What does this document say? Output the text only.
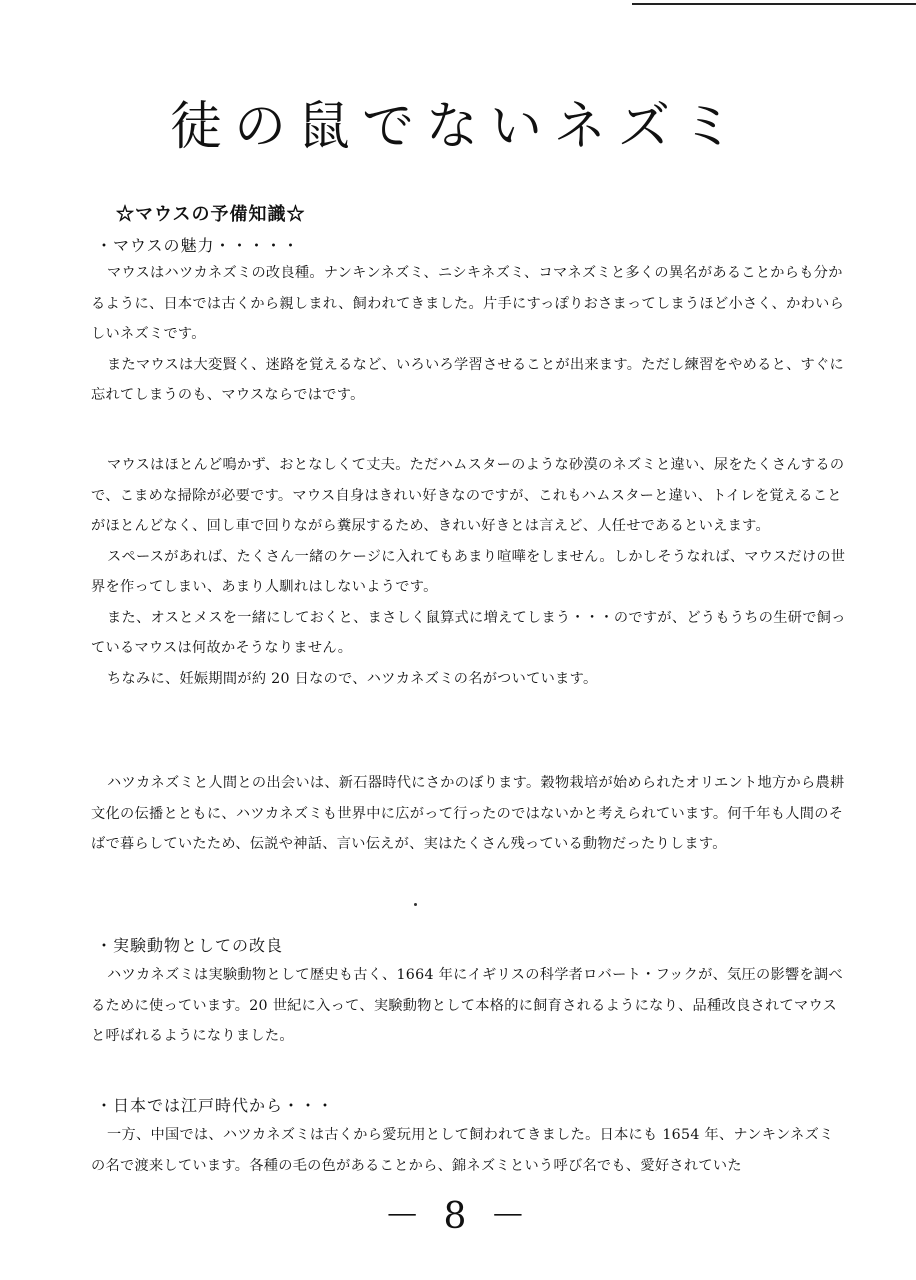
徒の鼠でないネズミ
☆マウスの予備知識☆
・マウスの魅力・・・・・

マウスはハツカネズミの改良種。ナンキンネズミ、ニシキネズミ、コマネズミと多くの異名があることからも分かるように、日本では古くから親しまれ、飼われてきました。片手にすっぽりおさまってしまうほど小さく、かわいらしいネズミです。

またマウスは大変賢く、迷路を覚えるなど、いろいろ学習させることが出来ます。ただし練習をやめると、すぐに忘れてしまうのも、マウスならではです。

マウスはほとんど鳴かず、おとなしくて丈夫。ただハムスターのような砂漠のネズミと違い、尿をたくさんするので、こまめな掃除が必要です。マウス自身はきれい好きなのですが、これもハムスターと違い、トイレを覚えることがほとんどなく、回し車で回りながら糞尿するため、きれい好きとは言えど、人任せであるといえます。

スペースがあれば、たくさん一緒のケージに入れてもあまり喧嘩をしません。しかしそうなれば、マウスだけの世界を作ってしまい、あまり人馴れはしないようです。

また、オスとメスを一緒にしておくと、まさしく鼠算式に増えてしまう・・・のですが、どうもうちの生研で飼っているマウスは何故かそうなりません。

ちなみに、妊娠期間が約 20 日なので、ハツカネズミの名がついています。

ハツカネズミと人間との出会いは、新石器時代にさかのぼります。穀物栽培が始められたオリエント地方から農耕文化の伝播とともに、ハツカネズミも世界中に広がって行ったのではないかと考えられています。何千年も人間のそばで暮らしていたため、伝説や神話、言い伝えが、実はたくさん残っている動物だったりします。

・実験動物としての改良

ハツカネズミは実験動物として歴史も古く、1664 年にイギリスの科学者ロバート・フックが、気圧の影響を調べるために使っています。20 世紀に入って、実験動物として本格的に飼育されるようになり、品種改良されてマウスと呼ばれるようになりました。

・日本では江戸時代から・・・

一方、中国では、ハツカネズミは古くから愛玩用として飼われてきました。日本にも 1654 年、ナンキンネズミの名で渡来しています。各種の毛の色があることから、錦ネズミという呼び名でも、愛好されていた

－ 8 －
